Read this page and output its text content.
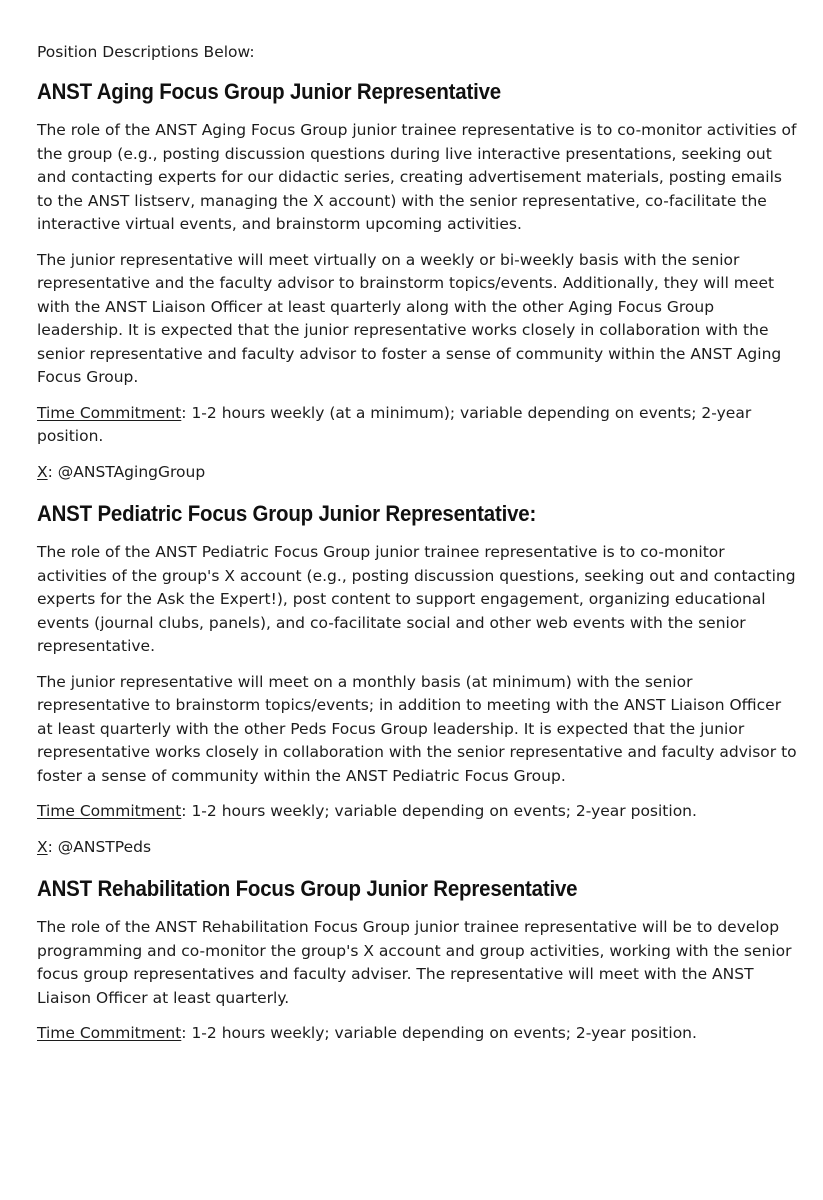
Position Descriptions Below:
ANST Aging Focus Group Junior Representative

The role of the ANST Aging Focus Group junior trainee representative is to co-monitor activities of the group (e.g., posting discussion questions during live interactive presentations, seeking out and contacting experts for our didactic series, creating advertisement materials, posting emails to the ANST listserv, managing the X account) with the senior representative, co-facilitate the interactive virtual events, and brainstorm upcoming activities.

The junior representative will meet virtually on a weekly or bi-weekly basis with the senior representative and the faculty advisor to brainstorm topics/events. Additionally, they will meet with the ANST Liaison Officer at least quarterly along with the other Aging Focus Group leadership. It is expected that the junior representative works closely in collaboration with the senior representative and faculty advisor to foster a sense of community within the ANST Aging Focus Group.

Time Commitment: 1-2 hours weekly (at a minimum); variable depending on events; 2-year position.

X: @ANSTAgingGroup

ANST Pediatric Focus Group Junior Representative:

The role of the ANST Pediatric Focus Group junior trainee representative is to co-monitor activities of the group's X account (e.g., posting discussion questions, seeking out and contacting experts for the Ask the Expert!), post content to support engagement, organizing educational events (journal clubs, panels), and co-facilitate social and other web events with the senior representative.

The junior representative will meet on a monthly basis (at minimum) with the senior representative to brainstorm topics/events; in addition to meeting with the ANST Liaison Officer at least quarterly with the other Peds Focus Group leadership. It is expected that the junior representative works closely in collaboration with the senior representative and faculty advisor to foster a sense of community within the ANST Pediatric Focus Group.

Time Commitment: 1-2 hours weekly; variable depending on events; 2-year position.

X: @ANSTPeds

ANST Rehabilitation Focus Group Junior Representative

The role of the ANST Rehabilitation Focus Group junior trainee representative will be to develop programming and co-monitor the group's X account and group activities, working with the senior focus group representatives and faculty adviser. The representative will meet with the ANST Liaison Officer at least quarterly.

Time Commitment: 1-2 hours weekly; variable depending on events; 2-year position.
